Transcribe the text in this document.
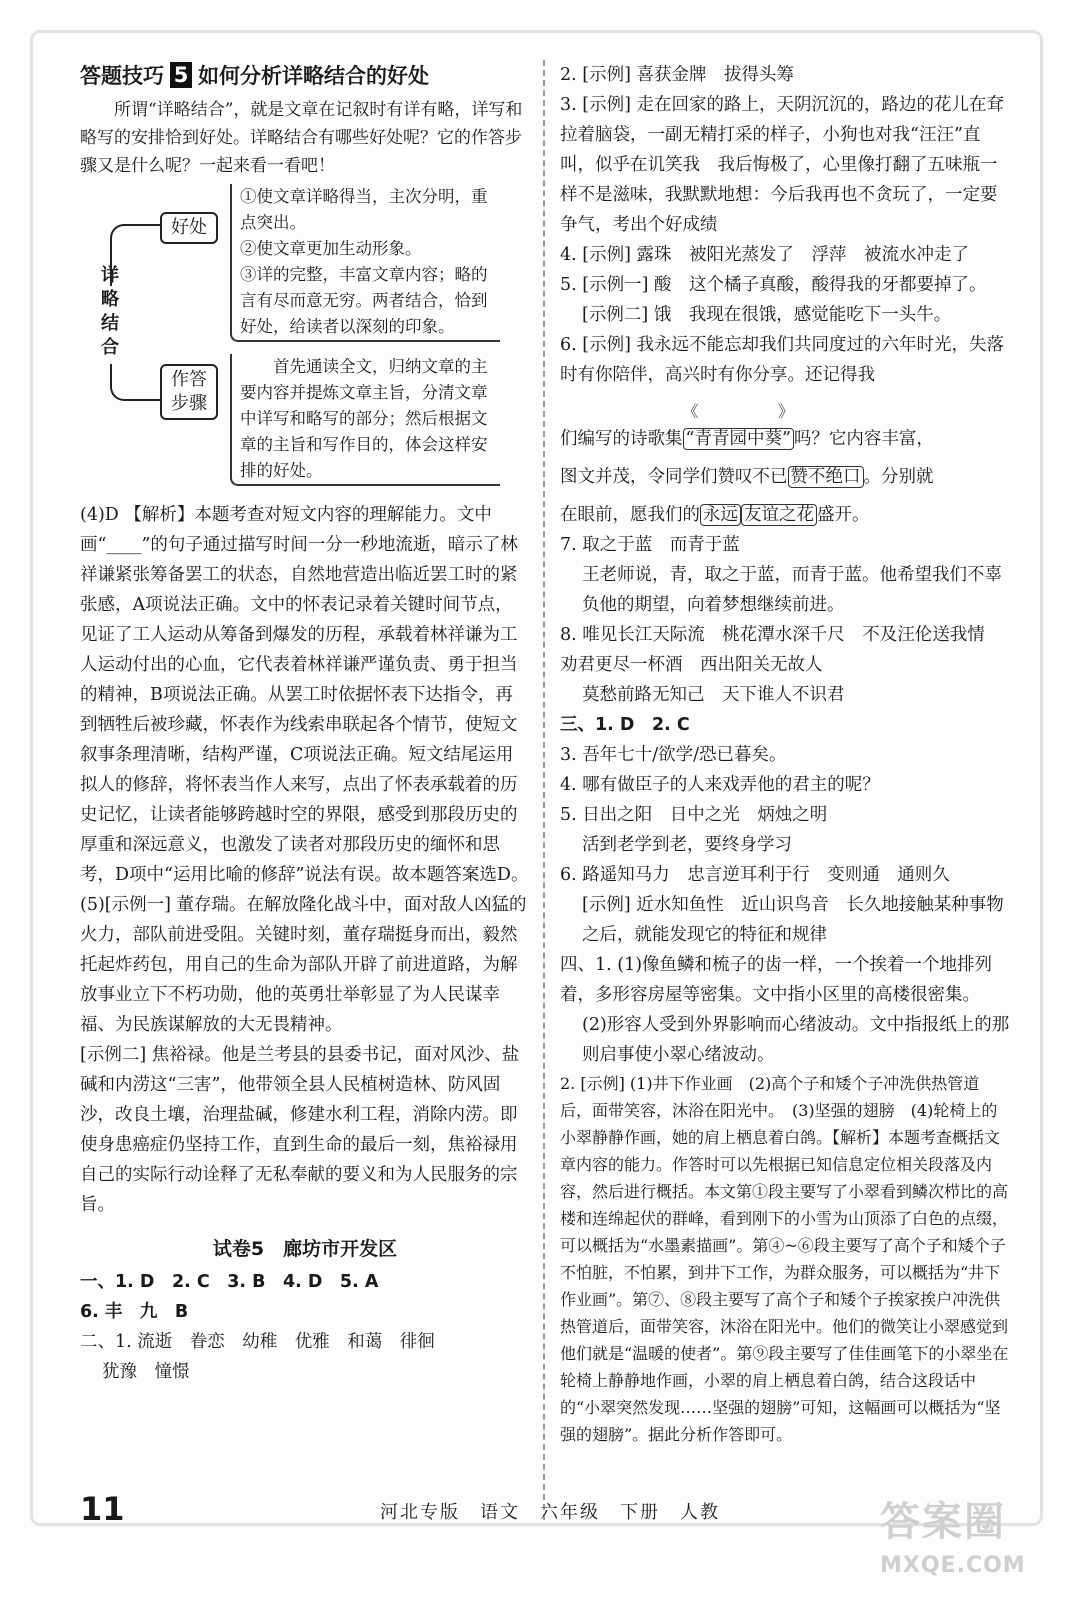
答题技巧 5 如何分析详略结合的好处

所谓“详略结合”，就是文章在记叙时有详有略，详写和略写的安排恰到好处。详略结合有哪些好处呢？它的作答步骤又是什么呢？一起来看一看吧！

详略结合
好处
作答步骤
①使文章详略得当，主次分明，重点突出。
②使文章更加生动形象。
③详的完整，丰富文章内容；略的言有尽而意无穷。两者结合，恰到好处，给读者以深刻的印象。
首先通读全文，归纳文章的主要内容并提炼文章主旨，分清文章中详写和略写的部分；然后根据文章的主旨和写作目的，体会这样安排的好处。

(4)D 【解析】本题考查对短文内容的理解能力。文中画“____”的句子通过描写时间一分一秒地流逝，暗示了林祥谦紧张筹备罢工的状态，自然地营造出临近罢工时的紧张感，A项说法正确。文中的怀表记录着关键时间节点，见证了工人运动从筹备到爆发的历程，承载着林祥谦为工人运动付出的心血，它代表着林祥谦严谨负责、勇于担当的精神，B项说法正确。从罢工时依据怀表下达指令，再到牺牲后被珍藏，怀表作为线索串联起各个情节，使短文叙事条理清晰，结构严谨，C项说法正确。短文结尾运用拟人的修辞，将怀表当作人来写，点出了怀表承载着的历史记忆，让读者能够跨越时空的界限，感受到那段历史的厚重和深远意义，也激发了读者对那段历史的缅怀和思考，D项中“运用比喻的修辞”说法有误。故本题答案选D。

(5)[示例一] 董存瑞。在解放隆化战斗中，面对敌人凶猛的火力，部队前进受阻。关键时刻，董存瑞挺身而出，毅然托起炸药包，用自己的生命为部队开辟了前进道路，为解放事业立下不朽功勋，他的英勇壮举彰显了为人民谋幸福、为民族谋解放的大无畏精神。

[示例二] 焦裕禄。他是兰考县的县委书记，面对风沙、盐碱和内涝这“三害”，他带领全县人民植树造林、防风固沙，改良土壤，治理盐碱，修建水利工程，消除内涝。即使身患癌症仍坚持工作，直到生命的最后一刻，焦裕禄用自己的实际行动诠释了无私奉献的要义和为人民服务的宗旨。

试卷5　廊坊市开发区

一、1. D　2. C　3. B　4. D　5. A

6. 丰　九　B

二、1. 流逝　眷恋　幼稚　优雅　和蔼　徘徊

犹豫　憧憬

2. [示例] 喜获金牌　拔得头筹

3. [示例] 走在回家的路上，天阴沉沉的，路边的花儿在耷拉着脑袋，一副无精打采的样子，小狗也对我“汪汪”直叫，似乎在讥笑我　我后悔极了，心里像打翻了五味瓶一样不是滋味，我默默地想：今后我再也不贪玩了，一定要争气，考出个好成绩

4. [示例] 露珠　被阳光蒸发了　浮萍　被流水冲走了

5. [示例一] 酸　这个橘子真酸，酸得我的牙都要掉了。

[示例二] 饿　我现在很饿，感觉能吃下一头牛。

6. [示例] 我永远不能忘却我们共同度过的六年时光，失落时有你陪伴，高兴时有你分享。还记得我

们编写的诗歌集
《	》
“青青园中葵” 吗？它内容丰富，

图文并茂，令同学们赞叹不已 赞不绝口 。分别就

在眼前，愿我们的 永远 友谊之花 盛开。

7. 取之于蓝　而青于蓝

王老师说，青，取之于蓝，而青于蓝。他希望我们不辜负他的期望，向着梦想继续前进。

8. 唯见长江天际流　桃花潭水深千尺　不及汪伦送我情　劝君更尽一杯酒　西出阳关无故人

莫愁前路无知己　天下谁人不识君

三、1. D　2. C

3. 吾年七十/欲学/恐已暮矣。

4. 哪有做臣子的人来戏弄他的君主的呢？

5. 日出之阳　日中之光　炳烛之明

活到老学到老，要终身学习

6. 路遥知马力　忠言逆耳利于行　变则通　通则久

[示例] 近水知鱼性　近山识鸟音　长久地接触某种事物之后，就能发现它的特征和规律

四、1. (1)像鱼鳞和梳子的齿一样，一个挨着一个地排列着，多形容房屋等密集。文中指小区里的高楼很密集。

(2)形容人受到外界影响而心绪波动。文中指报纸上的那则启事使小翠心绪波动。

2. [示例] (1)井下作业画　(2)高个子和矮个子冲洗供热管道后，面带笑容，沐浴在阳光中。　(3)坚强的翅膀　(4)轮椅上的小翠静静作画，她的肩上栖息着白鸽。【解析】本题考查概括文章内容的能力。作答时可以先根据已知信息定位相关段落及内容，然后进行概括。本文第①段主要写了小翠看到鳞次栉比的高楼和连绵起伏的群峰，看到刚下的小雪为山顶添了白色的点缀，可以概括为“水墨素描画”。第④~⑥段主要写了高个子和矮个子不怕脏，不怕累，到井下工作，为群众服务，可以概括为“井下作业画”。第⑦、⑧段主要写了高个子和矮个子挨家挨户冲洗供热管道后，面带笑容，沐浴在阳光中。他们的微笑让小翠感觉到他们就是“温暖的使者”。第⑨段主要写了佳佳画笔下的小翠坐在轮椅上静静地作画，小翠的肩上栖息着白鸽，结合这段话中的“小翠突然发现……坚强的翅膀”可知，这幅画可以概括为“坚强的翅膀”。据此分析作答即可。

11	河北专版　语文　六年级　下册　人教	答案圈
MXQE.COM
